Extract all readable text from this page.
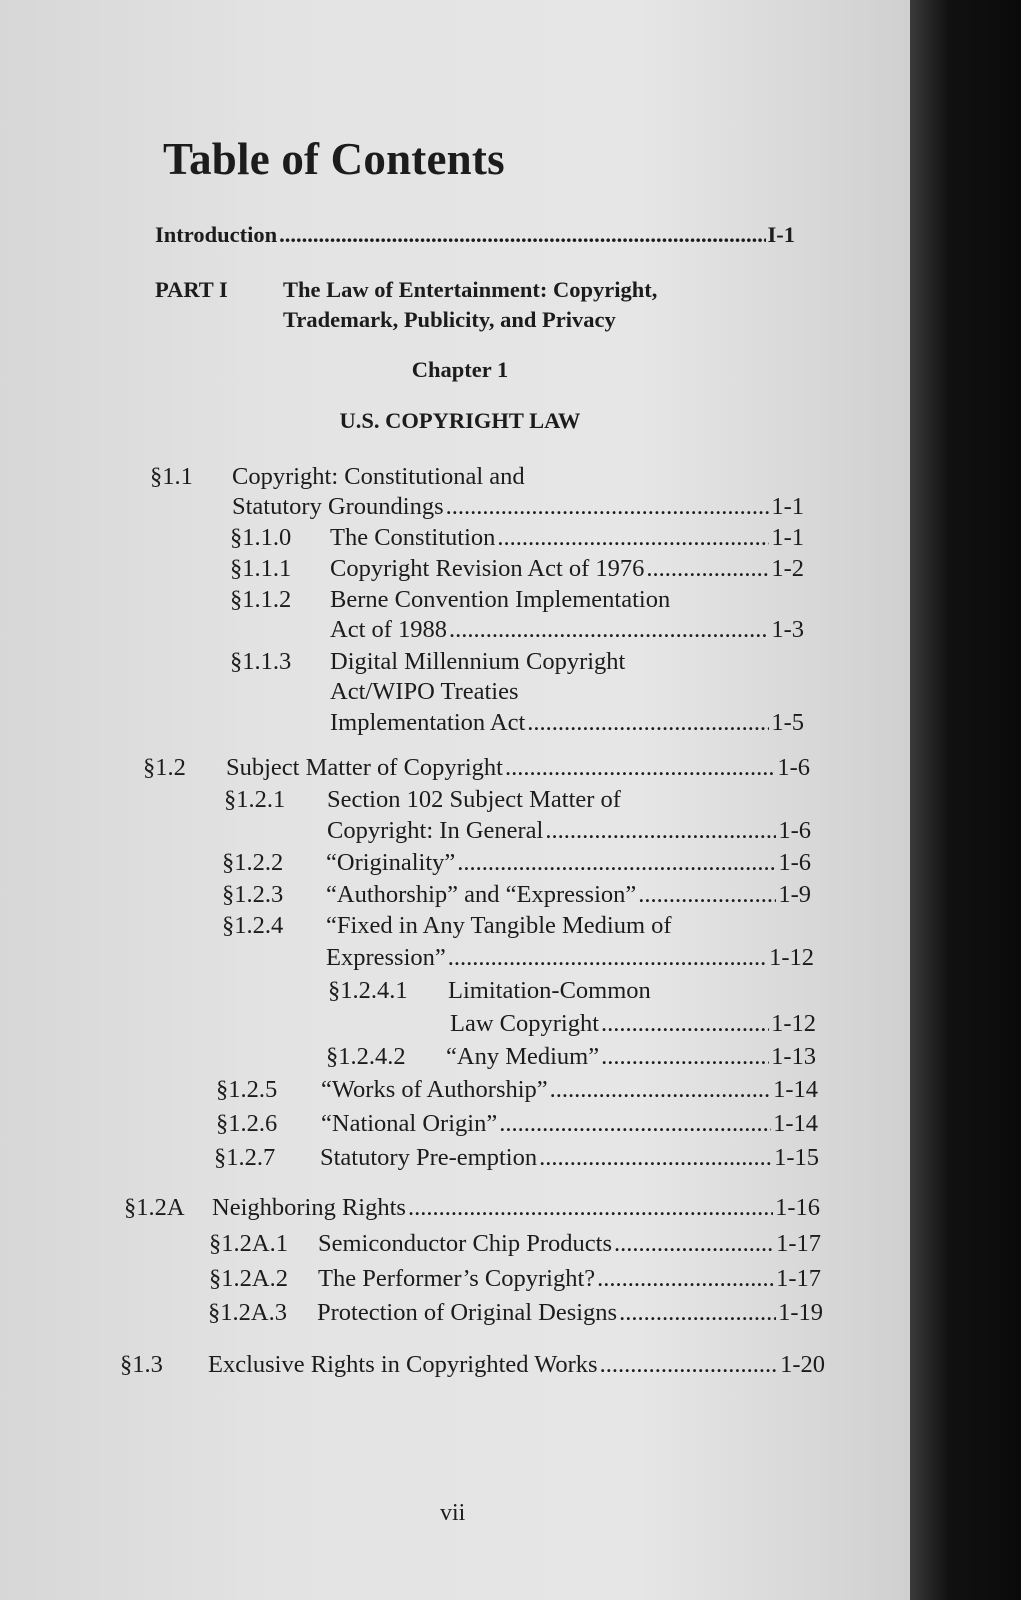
Table of Contents
Introduction .....	I-1
PART I The Law of Entertainment: Copyright,
Trademark, Publicity, and Privacy
Chapter 1
U.S. COPYRIGHT LAW
§1.1 Copyright: Constitutional and
Statutory Groundings .....	1-1
§1.1.0 The Constitution .....	1-1
§1.1.1 Copyright Revision Act of 1976 .....	1-2
§1.1.2 Berne Convention Implementation
Act of 1988 .....	1-3
§1.1.3 Digital Millennium Copyright
Act/WIPO Treaties
Implementation Act .....	1-5
§1.2 Subject Matter of Copyright .....	1-6
§1.2.1 Section 102 Subject Matter of
Copyright: In General .....	1-6
§1.2.2 “Originality” .....	1-6
§1.2.3 “Authorship” and “Expression” .....	1-9
§1.2.4 “Fixed in Any Tangible Medium of
Expression” .....	1-12
§1.2.4.1 Limitation-Common
Law Copyright .....	1-12
§1.2.4.2 “Any Medium” .....	1-13
§1.2.5 “Works of Authorship” .....	1-14
§1.2.6 “National Origin” .....	1-14
§1.2.7 Statutory Pre-emption .....	1-15
§1.2A Neighboring Rights .....	1-16
§1.2A.1 Semiconductor Chip Products .....	1-17
§1.2A.2 The Performer’s Copyright? .....	1-17
§1.2A.3 Protection of Original Designs .....	1-19
§1.3 Exclusive Rights in Copyrighted Works .....	1-20
vii
